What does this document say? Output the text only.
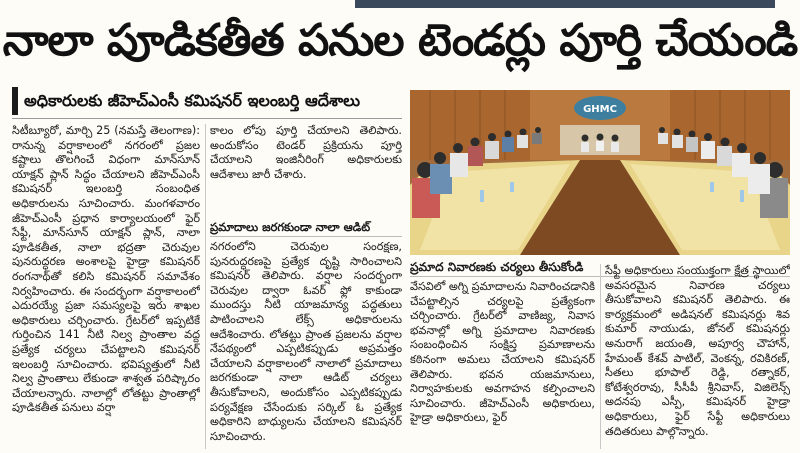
నాలా పూడికతీత పనుల టెండర్లు పూర్తి చేయండి
అధికారులకు జీహెచ్ఎంసీ కమిషనర్ ఇలంబర్తి ఆదేశాలు

సిటీబ్యూరో, మార్చి 25 (నమస్తే తెలంగాణ): రానున్న వర్షాకాలంలో నగరంలో ప్రజల కష్టాలు తొలగించే విధంగా మాన్‌సూన్ యాక్షన్ ప్లాన్ సిద్ధం చేయాలని జీహెచ్ఎంసీ కమిషనర్ ఇలంబర్తి సంబంధిత అధికారులను సూచించారు. మంగళవారం జీహెచ్ఎంసీ ప్రధాన కార్యాలయంలో ఫైర్ సేఫ్టీ, మాన్‌సూన్ యాక్షన్ ప్లాన్, నాలా పూడికతీత, నాలా భద్రతా చెరువుల పునరుద్ధరణ అంశాలపై హైడ్రా కమిషనర్ రంగనాథ్‌తో కలిసి కమిషనర్ సమావేశం నిర్వహించారు. ఈ సందర్భంగా వర్షాకాలంలో ఎదురయ్యే ప్రజా సమస్యలపై ఇరు శాఖల అధికారులు చర్చించారు. గ్రేటర్‌లో ఇప్పటికే గుర్తించిన 141 నీటి నిల్వ ప్రాంతాల వద్ద ప్రత్యేక చర్యలు చేపట్టాలని కమిషనర్ ఇలంబర్తి సూచించారు. భవిష్యత్తులో నీటి నిల్వ ప్రాంతాలు లేకుండా శాశ్వత పరిష్కారం చేయాలన్నారు. నాలాల్లో లోతట్టు ప్రాంతాల్లో పూడికతీత పనులు వర్షా

కాలం లోపు పూర్తి చేయాలని తెలిపారు. అందుకోసం టెండర్ ప్రక్రియను పూర్తి చేయాలని ఇంజినీరింగ్ అధికారులకు ఆదేశాలు జారీ చేశారు.

ప్రమాదాలు జరగకుండా నాలా ఆడిట్

నగరంలోని చెరువుల సంరక్షణ, పునరుద్ధరణపై ప్రత్యేక దృష్టి సారించాలని కమిషనర్ తెలిపారు. వర్షాల సందర్భంగా చెరువుల ద్వారా ఓవర్ ఫ్లో కాకుండా ముందస్తు నీటి యాజమాన్య పద్ధతులు పాటించాలని లేక్స్ అధికారులను ఆదేశించారు. లోతట్టు ప్రాంత ప్రజలను వర్షాల నేపథ్యంలో ఎప్పటికప్పుడు అప్రమత్తం చేయాలని వర్షాకాలంలో నాలాలో ప్రమాదాలు జరగకుండా నాలా ఆడిట్ చర్యలు తీసుకోవాలని, అందుకోసం ఎప్పటికప్పుడు పర్యవేక్షణ చేసేందుకు సర్కిల్ ఓ ప్రత్యేక అధికారిని బాధ్యులను చేయాలని కమిషనర్ సూచించారు.

GHMC
ప్రమాద నివారణకు చర్యలు తీసుకోండి

వేసవిలో అగ్ని ప్రమాదాలను నివారించడానికి చేపట్టాల్సిన చర్యలపై ప్రత్యేకంగా చర్చించారు. గ్రేటర్‌లో వాణిజ్య, నివాస భవనాల్లో అగ్ని ప్రమాదాల నివారణకు సంబంధించిన సంక్షిప్త ప్రమాణాలను కఠినంగా అమలు చేయాలని కమిషనర్ తెలిపారు. భవన యజమానులు, నిర్వాహకులకు అవగాహన కల్పించాలని సూచించారు. జీహెచ్ఎంసీ అధికారులు, హైడ్రా అధికారులు, ఫైర్

సేఫ్టీ అధికారులు సంయుక్తంగా క్షేత్ర స్థాయిలో అవసరమైన నివారణ చర్యలు తీసుకోవాలని కమిషనర్ తెలిపారు. ఈ కార్యక్రమంలో అడిషనల్ కమిషనర్లు శివ కుమార్ నాయుడు, జోనల్ కమిషనర్లు అనురాగ్ జయంతి, అపూర్వ చౌహాన్, హేమంత్ కేశవ్ పాటిల్, వెంకన్న, రవికిరణ్, సీతలు భూపాల్ రెడ్డి, రత్నాకర్, కోటేశ్వరరావు, సీసీపీ శ్రీనివాస్, విజిలెన్స్ అదనపు ఎస్పీ, కమిషనర్ హైడ్రా అధికారులు, ఫైర్ సేఫ్టీ అధికారులు తదితరులు పాల్గొన్నారు.
